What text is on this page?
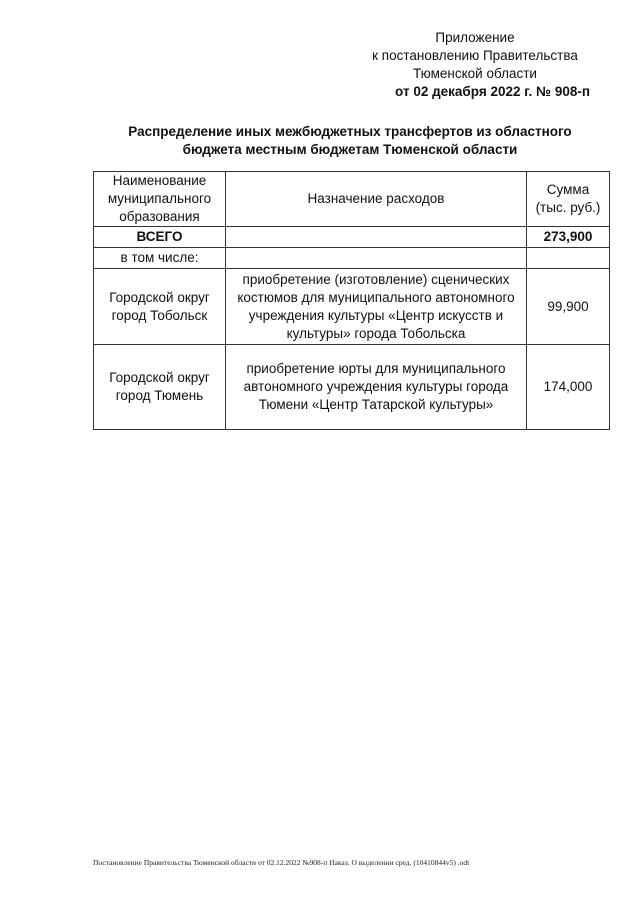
Приложение
к постановлению Правительства
Тюменской области
от 02 декабря 2022 г. № 908-п
Распределение иных межбюджетных трансфертов из областного
бюджета местным бюджетам Тюменской области
Наименование муниципального образования	Назначение расходов	Сумма (тыс. руб.)
ВСЕГО		273,900
в том числе:		
Городской округ город Тобольск	приобретение (изготовление) сценических костюмов для муниципального автономного учреждения культуры «Центр искусств и культуры» города Тобольска	99,900
Городской округ город Тюмень	приобретение юрты для муниципального автономного учреждения культуры города Тюмени «Центр Татарской культуры»	174,000
Постановление Правительства Тюменской области от 02.12.2022 №908-п Наказ. О выделении сред. (10410844v5) .odt
